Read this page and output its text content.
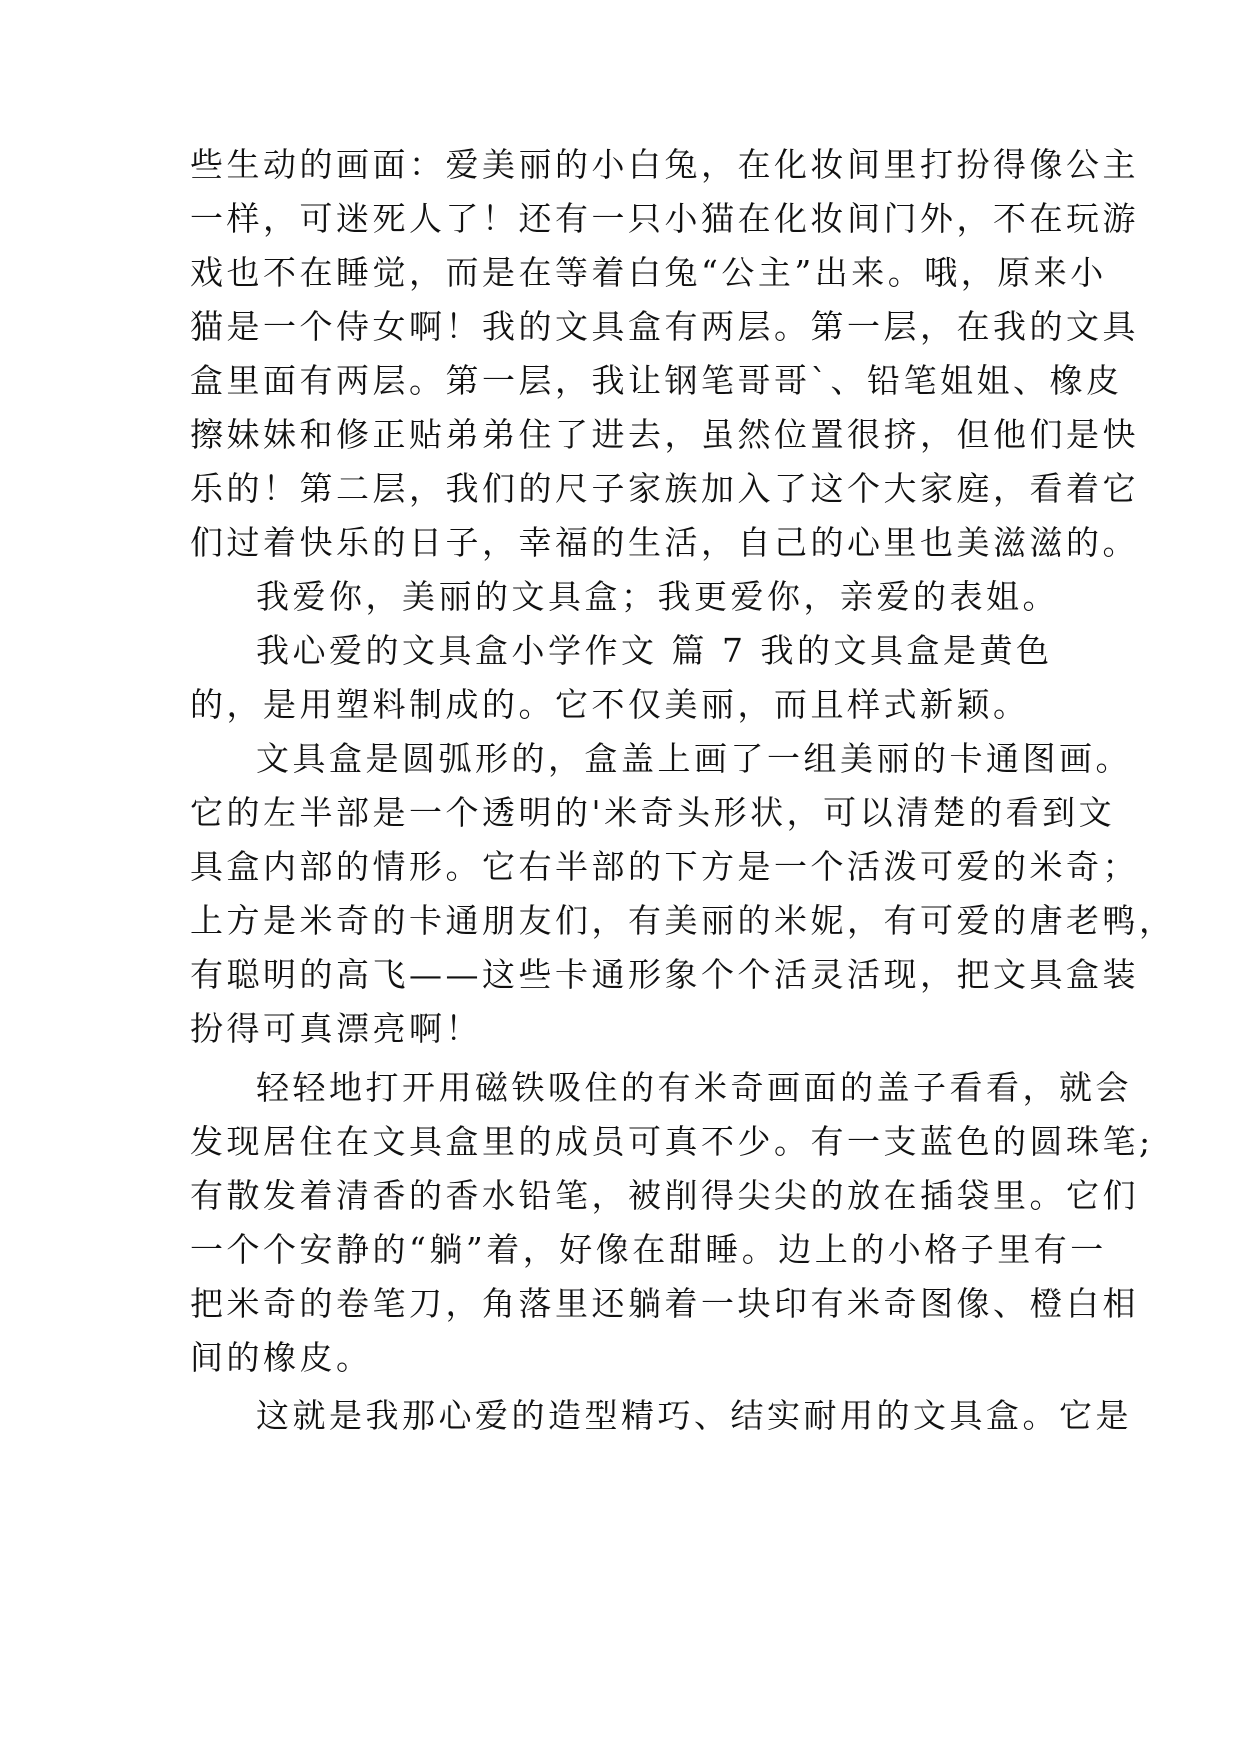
些生动的画面：爱美丽的小白兔，在化妆间里打扮得像公主
一样，可迷死人了！还有一只小猫在化妆间门外，不在玩游
戏也不在睡觉，而是在等着白兔“公主”出来。哦，原来小
猫是一个侍女啊！我的文具盒有两层。第一层，在我的文具
盒里面有两层。第一层，我让钢笔哥哥`、铅笔姐姐、橡皮
擦妹妹和修正贴弟弟住了进去，虽然位置很挤，但他们是快
乐的！第二层，我们的尺子家族加入了这个大家庭，看着它
们过着快乐的日子，幸福的生活，自己的心里也美滋滋的。
我爱你，美丽的文具盒；我更爱你，亲爱的表姐。
我心爱的文具盒小学作文 篇 7 我的文具盒是黄色
的，是用塑料制成的。它不仅美丽，而且样式新颖。
文具盒是圆弧形的，盒盖上画了一组美丽的卡通图画。
它的左半部是一个透明的'米奇头形状，可以清楚的看到文
具盒内部的情形。它右半部的下方是一个活泼可爱的米奇；
上方是米奇的卡通朋友们，有美丽的米妮，有可爱的唐老鸭，
有聪明的高飞——这些卡通形象个个活灵活现，把文具盒装
扮得可真漂亮啊！
轻轻地打开用磁铁吸住的有米奇画面的盖子看看，就会
发现居住在文具盒里的成员可真不少。有一支蓝色的圆珠笔;
有散发着清香的香水铅笔，被削得尖尖的放在插袋里。它们
一个个安静的“躺”着，好像在甜睡。边上的小格子里有一
把米奇的卷笔刀，角落里还躺着一块印有米奇图像、橙白相
间的橡皮。
这就是我那心爱的造型精巧、结实耐用的文具盒。它是
